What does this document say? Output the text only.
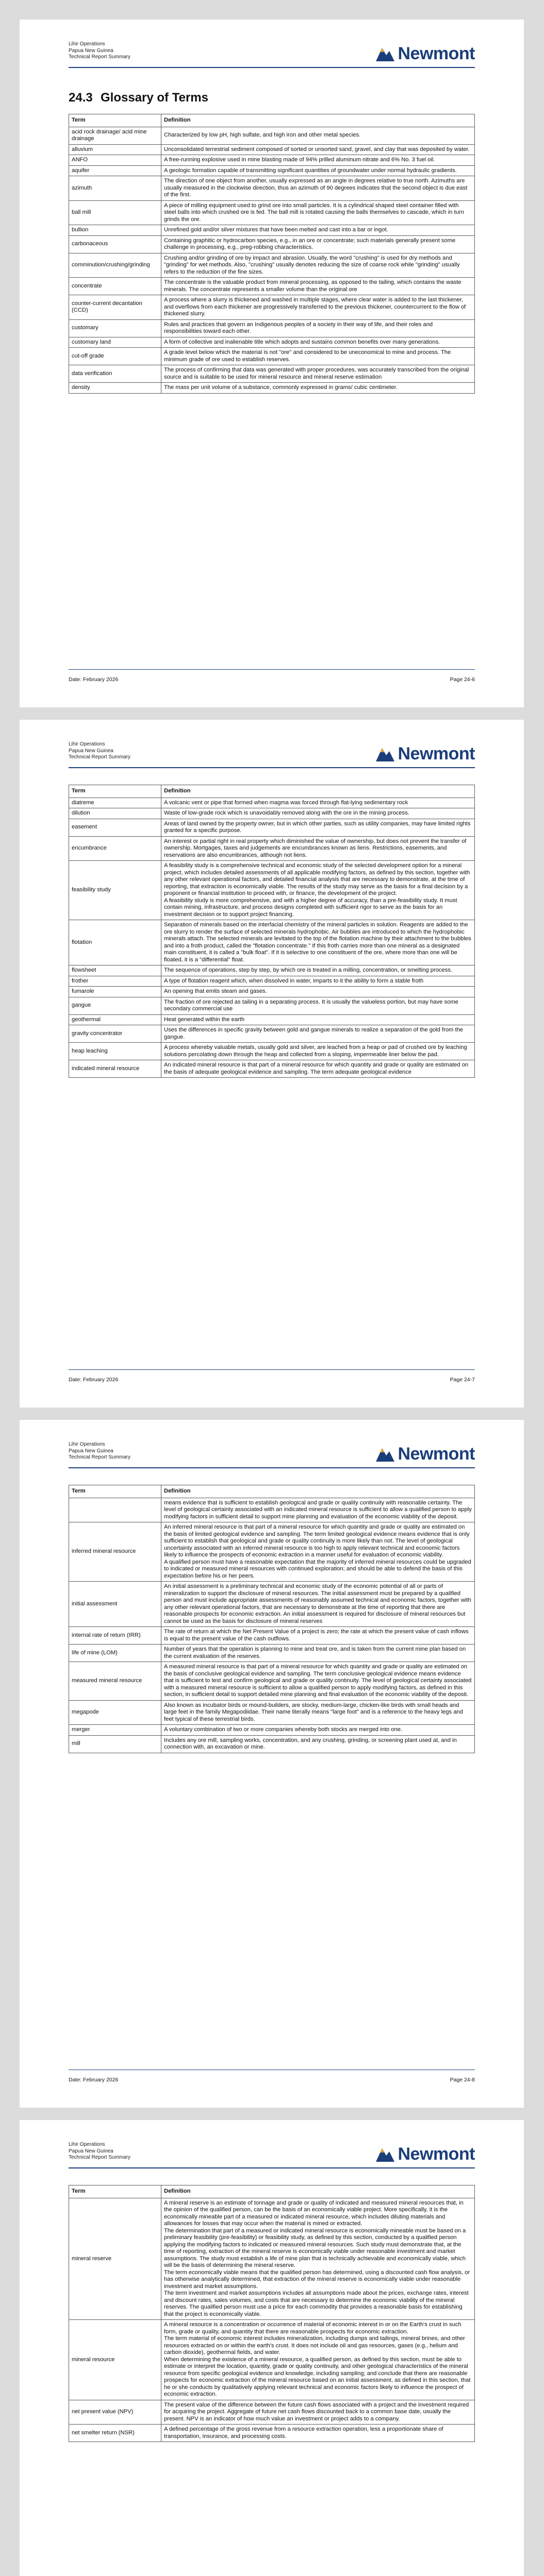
Lihir Operations
Papua New Guinea
Technical Report Summary	Newmont
24.3 Glossary of Terms
Term	Definition
acid rock drainage/ acid mine drainage	Characterized by low pH, high sulfate, and high iron and other metal species.

alluvium	Unconsolidated terrestrial sediment composed of sorted or unsorted sand, gravel, and clay that was deposited by water.

ANFO	A free-running explosive used in mine blasting made of 94% prilled aluminum nitrate and 6% No. 3 fuel oil.

aquifer	A geologic formation capable of transmitting significant quantities of groundwater under normal hydraulic gradients.

azimuth	The direction of one object from another, usually expressed as an angle in degrees relative to true north. Azimuths are usually measured in the clockwise direction, thus an azimuth of 90 degrees indicates that the second object is due east of the first.

ball mill	A piece of milling equipment used to grind ore into small particles. It is a cylindrical shaped steel container filled with steel balls into which crushed ore is fed. The ball mill is rotated causing the balls themselves to cascade, which in turn grinds the ore.

bullion	Unrefined gold and/or silver mixtures that have been melted and cast into a bar or ingot.

carbonaceous	Containing graphitic or hydrocarbon species, e.g., in an ore or concentrate; such materials generally present some challenge in processing, e.g., preg-robbing characteristics.

comminution/crushing/grinding	Crushing and/or grinding of ore by impact and abrasion. Usually, the word "crushing" is used for dry methods and "grinding" for wet methods. Also, "crushing" usually denotes reducing the size of coarse rock while "grinding" usually refers to the reduction of the fine sizes.

concentrate	The concentrate is the valuable product from mineral processing, as opposed to the tailing, which contains the waste minerals. The concentrate represents a smaller volume than the original ore

counter-current decantation (CCD)	A process where a slurry is thickened and washed in multiple stages, where clear water is added to the last thickener, and overflows from each thickener are progressively transferred to the previous thickener, countercurrent to the flow of thickened slurry.

customary	Rules and practices that govern an Indigenous peoples of a society in their way of life, and their roles and responsibilities toward each other.

customary land	A form of collective and inalienable title which adopts and sustains common benefits over many generations.

cut-off grade	A grade level below which the material is not "ore" and considered to be uneconomical to mine and process. The minimum grade of ore used to establish reserves.

data verification	The process of confirming that data was generated with proper procedures, was accurately transcribed from the original source and is suitable to be used for mineral resource and mineral reserve estimation

density	The mass per unit volume of a substance, commonly expressed in grams/ cubic centimeter.

Date: February 2026	Page 24-6
Lihir Operations
Papua New Guinea
Technical Report Summary	Newmont
Term	Definition
diatreme	A volcanic vent or pipe that formed when magma was forced through flat-lying sedimentary rock

dilution	Waste of low-grade rock which is unavoidably removed along with the ore in the mining process.

easement	Areas of land owned by the property owner, but in which other parties, such as utility companies, may have limited rights granted for a specific purpose.

encumbrance	An interest or partial right in real property which diminished the value of ownership, but does not prevent the transfer of ownership. Mortgages, taxes and judgements are encumbrances known as liens. Restrictions, easements, and reservations are also encumbrances, although not liens.

feasibility study	A feasibility study is a comprehensive technical and economic study of the selected development option for a mineral project, which includes detailed assessments of all applicable modifying factors, as defined by this section, together with any other relevant operational factors, and detailed financial analysis that are necessary to demonstrate, at the time of reporting, that extraction is economically viable. The results of the study may serve as the basis for a final decision by a proponent or financial institution to proceed with, or finance, the development of the project.

A feasibility study is more comprehensive, and with a higher degree of accuracy, than a pre-feasibility study. It must contain mining, infrastructure, and process designs completed with sufficient rigor to serve as the basis for an investment decision or to support project financing.

flotation	Separation of minerals based on the interfacial chemistry of the mineral particles in solution. Reagents are added to the ore slurry to render the surface of selected minerals hydrophobic. Air bubbles are introduced to which the hydrophobic minerals attach. The selected minerals are levitated to the top of the flotation machine by their attachment to the bubbles and into a froth product, called the "flotation concentrate." If this froth carries more than one mineral as a designated main constituent, it is called a "bulk float". If it is selective to one constituent of the ore, where more than one will be floated, it is a "differential" float.

flowsheet	The sequence of operations, step by step, by which ore is treated in a milling, concentration, or smelting process.

frother	A type of flotation reagent which, when dissolved in water, imparts to it the ability to form a stable froth

fumarole	An opening that emits steam and gases.

gangue	The fraction of ore rejected as tailing in a separating process. It is usually the valueless portion, but may have some secondary commercial use

geothermal	Heat generated within the earth

gravity concentrator	Uses the differences in specific gravity between gold and gangue minerals to realize a separation of the gold from the gangue.

heap leaching	A process whereby valuable metals, usually gold and silver, are leached from a heap or pad of crushed ore by leaching solutions percolating down through the heap and collected from a sloping, impermeable liner below the pad.

indicated mineral resource	An indicated mineral resource is that part of a mineral resource for which quantity and grade or quality are estimated on the basis of adequate geological evidence and sampling. The term adequate geological evidence

Date: February 2026	Page 24-7
Lihir Operations
Papua New Guinea
Technical Report Summary	Newmont
Term	Definition

	means evidence that is sufficient to establish geological and grade or quality continuity with reasonable certainty. The level of geological certainty associated with an indicated mineral resource is sufficient to allow a qualified person to apply modifying factors in sufficient detail to support mine planning and evaluation of the economic viability of the deposit.

inferred mineral resource	An inferred mineral resource is that part of a mineral resource for which quantity and grade or quality are estimated on the basis of limited geological evidence and sampling. The term limited geological evidence means evidence that is only sufficient to establish that geological and grade or quality continuity is more likely than not. The level of geological uncertainty associated with an inferred mineral resource is too high to apply relevant technical and economic factors likely to influence the prospects of economic extraction in a manner useful for evaluation of economic viability.

A qualified person must have a reasonable expectation that the majority of inferred mineral resources could be upgraded to indicated or measured mineral resources with continued exploration; and should be able to defend the basis of this expectation before his or her peers.

initial assessment	An initial assessment is a preliminary technical and economic study of the economic potential of all or parts of mineralization to support the disclosure of mineral resources. The initial assessment must be prepared by a qualified person and must include appropriate assessments of reasonably assumed technical and economic factors, together with any other relevant operational factors, that are necessary to demonstrate at the time of reporting that there are reasonable prospects for economic extraction. An initial assessment is required for disclosure of mineral resources but cannot be used as the basis for disclosure of mineral reserves

internal rate of return (IRR)	The rate of return at which the Net Present Value of a project is zero; the rate at which the present value of cash inflows is equal to the present value of the cash outflows.

life of mine (LOM)	Number of years that the operation is planning to mine and treat ore, and is taken from the current mine plan based on the current evaluation of the reserves.

measured mineral resource	A measured mineral resource is that part of a mineral resource for which quantity and grade or quality are estimated on the basis of conclusive geological evidence and sampling. The term conclusive geological evidence means evidence that is sufficient to test and confirm geological and grade or quality continuity. The level of geological certainty associated with a measured mineral resource is sufficient to allow a qualified person to apply modifying factors, as defined in this section, in sufficient detail to support detailed mine planning and final evaluation of the economic viability of the deposit.

megapode	Also known as incubator birds or mound-builders, are stocky, medium-large, chicken-like birds with small heads and large feet in the family Megapodiidae. Their name literally means "large foot" and is a reference to the heavy legs and feet typical of these terrestrial birds.

merger	A voluntary combination of two or more companies whereby both stocks are merged into one.

mill	Includes any ore mill, sampling works, concentration, and any crushing, grinding, or screening plant used at, and in connection with, an excavation or mine.

Date: February 2026	Page 24-8
Lihir Operations
Papua New Guinea
Technical Report Summary	Newmont
Term	Definition
mineral reserve	A mineral reserve is an estimate of tonnage and grade or quality of indicated and measured mineral resources that, in the opinion of the qualified person, can be the basis of an economically viable project. More specifically, it is the economically mineable part of a measured or indicated mineral resource, which includes diluting materials and allowances for losses that may occur when the material is mined or extracted.

The determination that part of a measured or indicated mineral resource is economically mineable must be based on a preliminary feasibility (pre-feasibility) or feasibility study, as defined by this section, conducted by a qualified person applying the modifying factors to indicated or measured mineral resources. Such study must demonstrate that, at the time of reporting, extraction of the mineral reserve is economically viable under reasonable investment and market assumptions. The study must establish a life of mine plan that is technically achievable and economically viable, which will be the basis of determining the mineral reserve.

The term economically viable means that the qualified person has determined, using a discounted cash flow analysis, or has otherwise analytically determined, that extraction of the mineral reserve is economically viable under reasonable investment and market assumptions.

The term investment and market assumptions includes all assumptions made about the prices, exchange rates, interest and discount rates, sales volumes, and costs that are necessary to determine the economic viability of the mineral reserves. The qualified person must use a price for each commodity that provides a reasonable basis for establishing that the project is economically viable.

mineral resource	A mineral resource is a concentration or occurrence of material of economic interest in or on the Earth's crust in such form, grade or quality, and quantity that there are reasonable prospects for economic extraction.

The term material of economic interest includes mineralization, including dumps and tailings, mineral brines, and other resources extracted on or within the earth's crust. It does not include oil and gas resources, gases (e.g., helium and carbon dioxide), geothermal fields, and water.

When determining the existence of a mineral resource, a qualified person, as defined by this section, must be able to estimate or interpret the location, quantity, grade or quality continuity, and other geological characteristics of the mineral resource from specific geological evidence and knowledge, including sampling; and conclude that there are reasonable prospects for economic extraction of the mineral resource based on an initial assessment, as defined in this section, that he or she conducts by qualitatively applying relevant technical and economic factors likely to influence the prospect of economic extraction.

net present value (NPV)	The present value of the difference between the future cash flows associated with a project and the investment required for acquiring the project. Aggregate of future net cash flows discounted back to a common base date, usually the present. NPV is an indicator of how much value an investment or project adds to a company.

net smelter return (NSR)	A defined percentage of the gross revenue from a resource extraction operation, less a proportionate share of transportation, insurance, and processing costs.
